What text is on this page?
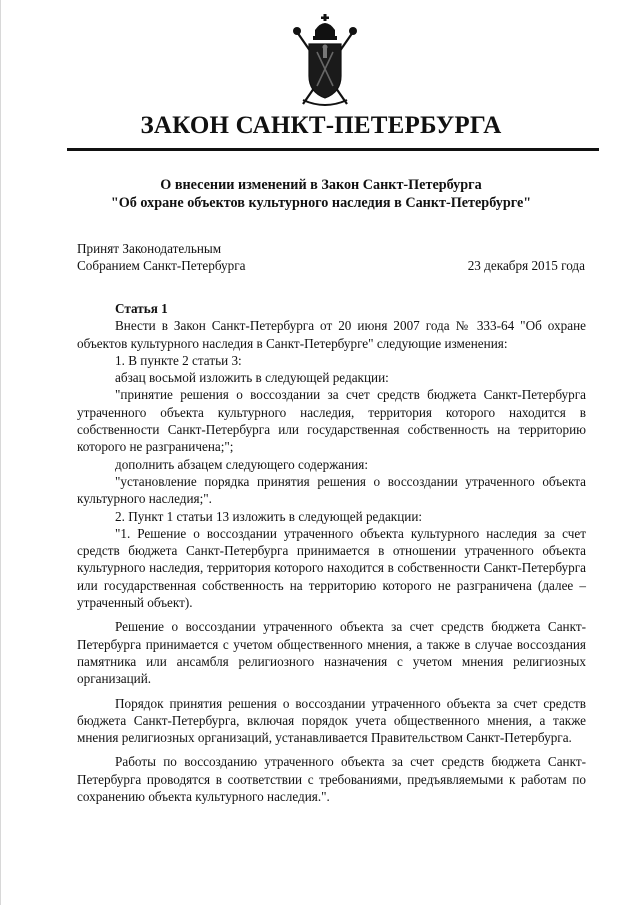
ЗАКОН САНКТ-ПЕТЕРБУРГА
О внесении изменений в Закон Санкт-Петербурга
"Об охране объектов культурного наследия в Санкт-Петербурге"
Принят Законодательным
Собранием Санкт-Петербурга	23 декабря 2015 года

Статья 1

Внести в Закон Санкт-Петербурга от 20 июня 2007 года № 333-64 "Об охране объектов культурного наследия в Санкт-Петербурге" следующие изменения:

1. В пункте 2 статьи 3:

абзац восьмой изложить в следующей редакции:

"принятие решения о воссоздании за счет средств бюджета Санкт-Петербурга утраченного объекта культурного наследия, территория которого находится в собственности Санкт-Петербурга или государственная собственность на территорию которого не разграничена;";

дополнить абзацем следующего содержания:

"установление порядка принятия решения о воссоздании утраченного объекта культурного наследия;".

2. Пункт 1 статьи 13 изложить в следующей редакции:

"1. Решение о воссоздании утраченного объекта культурного наследия за счет средств бюджета Санкт-Петербурга принимается в отношении утраченного объекта культурного наследия, территория которого находится в собственности Санкт-Петербурга или государственная собственность на территорию которого не разграничена (далее – утраченный объект).

Решение о воссоздании утраченного объекта за счет средств бюджета Санкт-Петербурга принимается с учетом общественного мнения, а также в случае воссоздания памятника или ансамбля религиозного назначения с учетом мнения религиозных организаций.

Порядок принятия решения о воссоздании утраченного объекта за счет средств бюджета Санкт-Петербурга, включая порядок учета общественного мнения, а также мнения религиозных организаций, устанавливается Правительством Санкт-Петербурга.

Работы по воссозданию утраченного объекта за счет средств бюджета Санкт-Петербурга проводятся в соответствии с требованиями, предъявляемыми к работам по сохранению объекта культурного наследия.".
